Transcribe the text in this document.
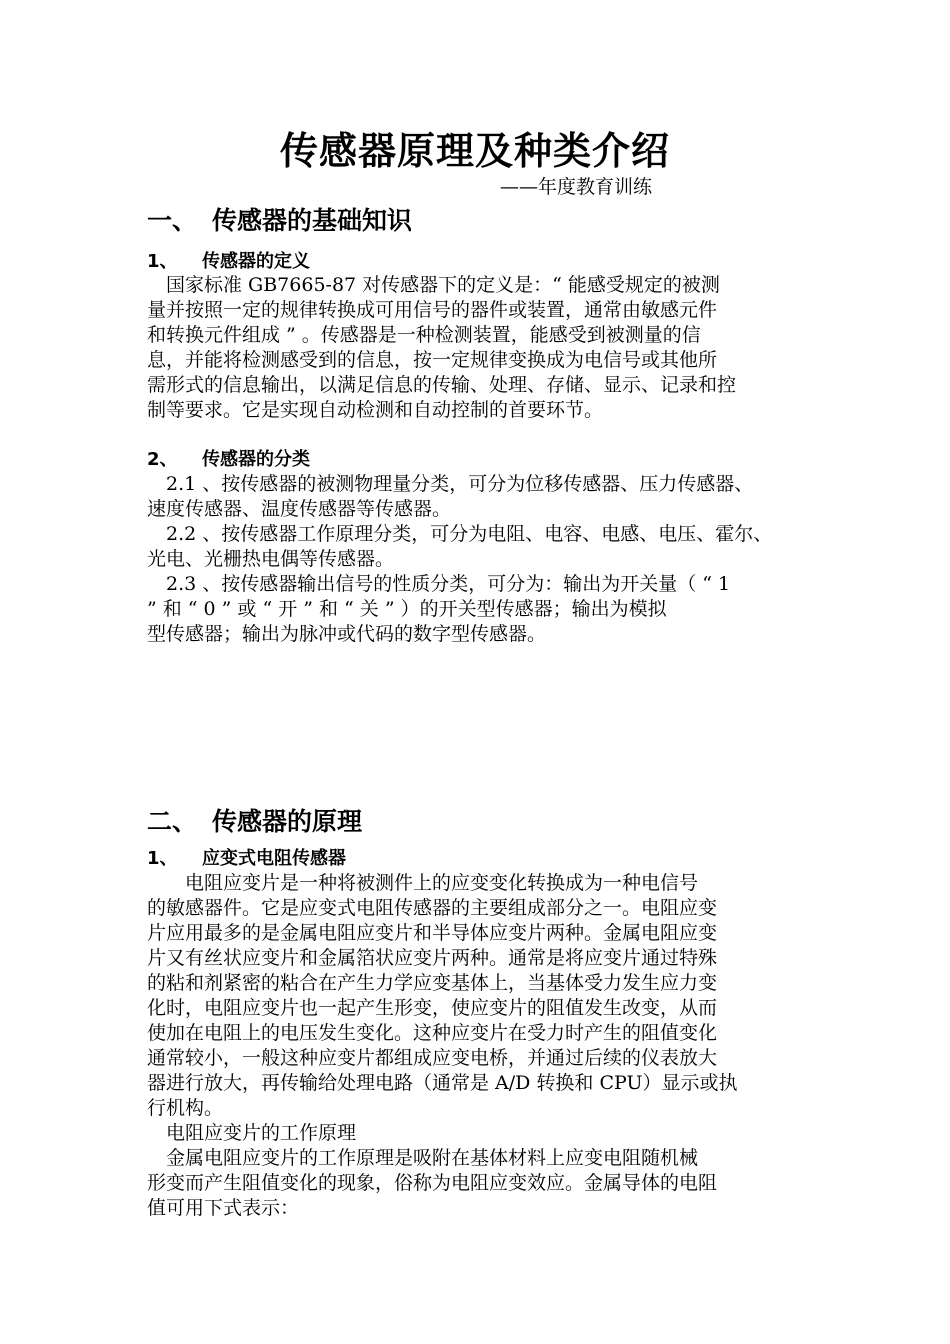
传感器原理及种类介绍
——年度教育训练
一、 传感器的基础知识
1、 传感器的定义

　国家标准 GB7665-87 对传感器下的定义是：“ 能感受规定的被测

量并按照一定的规律转换成可用信号的器件或装置，通常由敏感元件

和转换元件组成 ” 。传感器是一种检测装置，能感受到被测量的信

息，并能将检测感受到的信息，按一定规律变换成为电信号或其他所

需形式的信息输出，以满足信息的传输、处理、存储、显示、记录和控

制等要求。它是实现自动检测和自动控制的首要环节。

2、 传感器的分类

　2.1 、按传感器的被测物理量分类，可分为位移传感器、压力传感器、

速度传感器、温度传感器等传感器。

　2.2 、按传感器工作原理分类，可分为电阻、电容、电感、电压、霍尔、

光电、光栅热电偶等传感器。

　2.3 、按传感器输出信号的性质分类，可分为：输出为开关量（ “ 1

” 和 “ 0 ” 或 “ 开 ” 和 “ 关 ” ）的开关型传感器；输出为模拟

型传感器；输出为脉冲或代码的数字型传感器。

二、 传感器的原理
1、 应变式电阻传感器

　　电阻应变片是一种将被测件上的应变变化转换成为一种电信号

的敏感器件。它是应变式电阻传感器的主要组成部分之一。电阻应变

片应用最多的是金属电阻应变片和半导体应变片两种。金属电阻应变

片又有丝状应变片和金属箔状应变片两种。通常是将应变片通过特殊

的粘和剂紧密的粘合在产生力学应变基体上，当基体受力发生应力变

化时，电阻应变片也一起产生形变，使应变片的阻值发生改变，从而

使加在电阻上的电压发生变化。这种应变片在受力时产生的阻值变化

通常较小，一般这种应变片都组成应变电桥，并通过后续的仪表放大

器进行放大，再传输给处理电路（通常是 A/D 转换和 CPU）显示或执

行机构。

　电阻应变片的工作原理

　金属电阻应变片的工作原理是吸附在基体材料上应变电阻随机械

形变而产生阻值变化的现象，俗称为电阻应变效应。金属导体的电阻

值可用下式表示：
